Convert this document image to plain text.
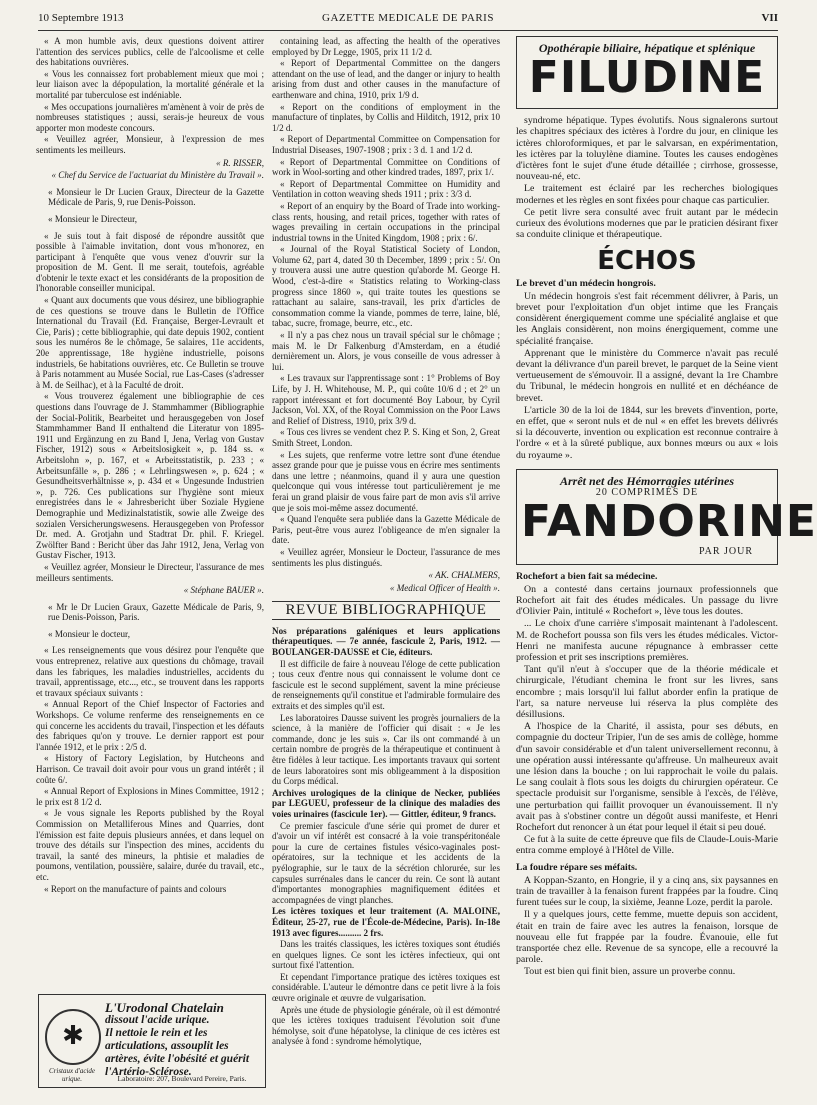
10 Septembre 1913	GAZETTE MEDICALE DE PARIS	VII

« A mon humble avis, deux questions doivent attirer l'attention des services publics, celle de l'alcoolisme et celle des habitations ouvrières.

« Vous les connaissez fort probablement mieux que moi ; leur liaison avec la dépopulation, la mortalité générale et la mortalité par tuberculose est indéniable.

« Mes occupations journalières m'amènent à voir de près de nombreuses statistiques ; aussi, serais-je heureux de vous apporter mon modeste concours.

« Veuillez agréer, Monsieur, à l'expression de mes sentiments les meilleurs.

« R. RISSER,

« Chef du Service de l'actuariat du Ministère du Travail ».

« Monsieur le Dr Lucien Graux, Directeur de la Gazette Médicale de Paris, 9, rue Denis-Poisson.

« Monsieur le Directeur,

« Je suis tout à fait disposé de répondre aussitôt que possible à l'aimable invitation, dont vous m'honorez, en participant à l'enquête que vous venez d'ouvrir sur la proposition de M. Gent. Il me serait, toutefois, agréable d'obtenir le texte exact et les considérants de la proposition de l'honorable conseiller municipal.

« Quant aux documents que vous désirez, une bibliographie de ces questions se trouve dans le Bulletin de l'Office International du Travail (Ed. Française, Berger-Levrault et Cie, Paris) ; cette bibliographie, qui date depuis 1902, contient sous les numéros 8e le chômage, 5e salaires, 11e accidents, 20e apprentissage, 18e hygiène industrielle, poisons industriels, 6e habitations ouvrières, etc. Ce Bulletin se trouve à Paris notamment au Musée Social, rue Las-Cases (s'adresser à M. de Seilhac), et à la Faculté de droit.

« Vous trouverez également une bibliographie de ces questions dans l'ouvrage de J. Stammhammer (Bibliographie der Social-Politik, Bearbeitet und herausgegeben von Josef Stammhammer Band II enthaltend die Literatur von 1895-1911 und Ergänzung en zu Band I, Jena, Verlag von Gustav Fischer, 1912) sous « Arbeitslosigkeit », p. 184 ss. « Arbeitslohn », p. 167, et « Arbeitsstatistik, p. 233 ; « Arbeitsunfälle », p. 286 ; « Lehrlingswesen », p. 624 ; « Gesundheitsverhältnisse », p. 434 et « Ungesunde Industrien », p. 726. Ces publications sur l'hygiène sont mieux enregistrées dans le « Jahresbericht über Soziale Hygiene Demographie und Medizinalstatistik, sowie alle Zweige des sozialen Versicherungswesens. Herausgegeben von Professor Dr. med. A. Grotjahn und Stadtrat Dr. phil. F. Kriegel. Zwölfter Band : Bericht über das Jahr 1912, Jena, Verlag von Gustav Fischer, 1913.

« Veuillez agréer, Monsieur le Directeur, l'assurance de mes meilleurs sentiments.

« Stéphane BAUER ».

« Mr le Dr Lucien Graux, Gazette Médicale de Paris, 9, rue Denis-Poisson, Paris.

« Monsieur le docteur,

« Les renseignements que vous désirez pour l'enquête que vous entreprenez, relative aux questions du chômage, travail dans les fabriques, les maladies industrielles, accidents du travail, apprentissage, etc..., etc., se trouvent dans les rapports et travaux spéciaux suivants :

« Annual Report of the Chief Inspector of Factories and Workshops. Ce volume renferme des renseignements en ce qui concerne les accidents du travail, l'inspection et les défauts des fabriques qu'on y trouve. Le dernier rapport est pour l'année 1912, et le prix : 2/5 d.

« History of Factory Legislation, by Hutcheons and Harrison. Ce travail doit avoir pour vous un grand intérêt ; il coûte 6/.

« Annual Report of Explosions in Mines Committee, 1912 ; le prix est 8 1/2 d.

« Je vous signale les Reports published by the Royal Commission on Metalliferous Mines and Quarries, dont l'émission est faite depuis plusieurs années, et dans lequel on trouve des détails sur l'inspection des mines, accidents du travail, la santé des mineurs, la phtisie et maladies de poumons, ventilation, poussière, salaire, durée du travail, etc., etc.

« Report on the manufacture of paints and colours

✱
Cristaux d'acide urique.
L'Urodonal Chatelain
dissout l'acide urique.
Il nettoie le rein et les articulations, assouplit les artères, évite l'obésité et guérit l'Artério-Sclérose.
Laboratoire: 207, Boulevard Pereire, Paris.

containing lead, as affecting the health of the operatives employed by Dr Legge, 1905, prix 11 1/2 d.

« Report of Departmental Committee on the dangers attendant on the use of lead, and the danger or injury to health arising from dust and other causes in the manufacture of earthenware and china, 1910, prix 1/9 d.

« Report on the conditions of employment in the manufacture of tinplates, by Collis and Hilditch, 1912, prix 10 1/2 d.

« Report of Departmental Committee on Compensation for Industrial Diseases, 1907-1908 ; prix : 3 d. 1 and 1/2 d.

« Report of Departmental Committee on Conditions of work in Wool-sorting and other kindred trades, 1897, prix 1/.

« Report of Departmental Committee on Humidity and Ventilation in cotton weaving sheds 1911 ; prix : 3/3 d.

« Report of an enquiry by the Board of Trade into working-class rents, housing, and retail prices, together with rates of wages prevailing in certain occupations in the principal industrial towns in the United Kingdom, 1908 ; prix : 6/.

« Journal of the Royal Statistical Society of London, Volume 62, part 4, dated 30 th December, 1899 ; prix : 5/. On y trouvera aussi une autre question qu'aborde M. George H. Wood, c'est-à-dire « Statistics relating to Working-class progress since 1860 », qui traite toutes les questions se rattachant au salaire, sans-travail, les prix d'articles de consommation comme la viande, pommes de terre, laine, blé, tabac, sucre, fromage, beurre, etc., etc.

« Il n'y a pas chez nous un travail spécial sur le chômage ; mais M. le Dr Falkenburg d'Amsterdam, en a étudié dernièrement un. Alors, je vous conseille de vous adresser à lui.

« Les travaux sur l'apprentissage sont : 1° Problems of Boy Life, by J. H. Whitehouse, M. P., qui coûte 10/6 d ; et 2° un rapport intéressant et fort documenté Boy Labour, by Cyril Jackson, Vol. XX, of the Royal Commission on the Poor Laws and Relief of Distress, 1910, prix 3/9 d.

« Tous ces livres se vendent chez P. S. King et Son, 2, Great Smith Street, London.

« Les sujets, que renferme votre lettre sont d'une étendue assez grande pour que je puisse vous en écrire mes sentiments dans une lettre ; néanmoins, quand il y aura une question quelconque qui vous intéresse tout particulièrement je me ferai un grand plaisir de vous faire part de mon avis s'il arrive que je sois moi-même assez documenté.

« Quand l'enquête sera publiée dans la Gazette Médicale de Paris, peut-être vous aurez l'obligeance de m'en signaler la date.

« Veuillez agréer, Monsieur le Docteur, l'assurance de mes sentiments les plus distingués.

« AK. CHALMERS,

« Medical Officer of Health ».

REVUE BIBLIOGRAPHIQUE

Nos préparations galéniques et leurs applications thérapeutiques. — 7e année, fascicule 2, Paris, 1912. — BOULANGER-DAUSSE et Cie, éditeurs.

Il est difficile de faire à nouveau l'éloge de cette publication ; tous ceux d'entre nous qui connaissent le volume dont ce fascicule est le second supplément, savent la mine précieuse de renseignements qu'il constitue et l'admirable formulaire des extraits et des simples qu'il est.

Les laboratoires Dausse suivent les progrès journaliers de la science, à la manière de l'officier qui disait : « Je les commande, donc je les suis ». Car ils ont commandé à un certain nombre de progrès de la thérapeutique et continuent à être fidèles à leur tactique. Les importants travaux qui sortent de leurs laboratoires sont mis obligeamment à la disposition du Corps médical.

Archives urologiques de la clinique de Necker, publiées par LEGUEU, professeur de la clinique des maladies des voies urinaires (fascicule 1er). — Gittler, éditeur, 9 francs.

Ce premier fascicule d'une série qui promet de durer et d'avoir un vif intérêt est consacré à la voie transpéritonéale pour la cure de certaines fistules vésico-vaginales post-opératoires, sur la technique et les accidents de la pyélographie, sur le taux de la sécrétion chlorurée, sur les capsules surrénales dans le cancer du rein. Ce sont là autant d'importantes monographies magnifiquement éditées et accompagnées de vingt planches.

Les ictères toxiques et leur traitement (A. MALOINE, Éditeur, 25-27, rue de l'École-de-Médecine, Paris). In-18e 1913 avec figures.......... 2 frs.

Dans les traités classiques, les ictères toxiques sont étudiés en quelques lignes. Ce sont les ictères infectieux, qui ont surtout fixé l'attention.

Et cependant l'importance pratique des ictères toxiques est considérable. L'auteur le démontre dans ce petit livre à la fois œuvre originale et œuvre de vulgarisation.

Après une étude de physiologie générale, où il est démontré que les ictères toxiques traduisent l'évolution soit d'une hémolyse, soit d'une hépatolyse, la clinique de ces ictères est analysée à fond : syndrome hémolytique,

Opothérapie biliaire, hépatique et splénique
FILUDINE

syndrome hépatique. Types évolutifs. Nous signalerons surtout les chapitres spéciaux des ictères à l'ordre du jour, en clinique les ictères chloroformiques, et par le salvarsan, en expérimentation, les ictères par la toluylène diamine. Toutes les causes endogènes d'ictères font le sujet d'une étude détaillée ; cirrhose, grossesse, nouveau-né, etc.

Le traitement est éclairé par les recherches biologiques modernes et les règles en sont fixées pour chaque cas particulier.

Ce petit livre sera consulté avec fruit autant par le médecin curieux des évolutions modernes que par le praticien désirant fixer sa conduite clinique et thérapeutique.

ÉCHOS

Le brevet d'un médecin hongrois.

Un médecin hongrois s'est fait récemment délivrer, à Paris, un brevet pour l'exploitation d'un objet intime que les Français considèrent énergiquement comme une spécialité anglaise et que les Anglais considèrent, non moins énergiquement, comme une spécialité française.

Apprenant que le ministère du Commerce n'avait pas reculé devant la délivrance d'un pareil brevet, le parquet de la Seine vient vertueusement de s'émouvoir. Il a assigné, devant la 1re Chambre du Tribunal, le médecin hongrois en nullité et en déchéance de brevet.

L'article 30 de la loi de 1844, sur les brevets d'invention, porte, en effet, que « seront nuls et de nul « en effet les brevets délivrés si la découverte, invention ou explication est reconnue contraire à l'ordre « et à la sûreté publique, aux bonnes mœurs ou aux « lois du royaume ».

Arrêt net des Hémorragies utérines
20 COMPRIMÉS DE
FANDORINE
PAR JOUR

Rochefort a bien fait sa médecine.

On a contesté dans certains journaux professionnels que Rochefort ait fait des études médicales. Un passage du livre d'Olivier Pain, intitulé « Rochefort », lève tous les doutes.

... Le choix d'une carrière s'imposait maintenant à l'adolescent. M. de Rochefort poussa son fils vers les études médicales. Victor-Henri ne manifesta aucune répugnance à embrasser cette profession et prit ses inscriptions premières.

Tant qu'il n'eut à s'occuper que de la théorie médicale et chirurgicale, l'étudiant chemina le front sur les livres, sans encombre ; mais lorsqu'il lui fallut aborder enfin la pratique de l'art, sa nature nerveuse lui réserva la plus complète des désillusions.

A l'hospice de la Charité, il assista, pour ses débuts, en compagnie du docteur Tripier, l'un de ses amis de collège, homme d'un savoir considérable et d'un talent universellement reconnu, à une opération aussi intéressante qu'affreuse. Un malheureux avait une lésion dans la bouche ; on lui rapprochait le voile du palais. Le sang coulait à flots sous les doigts du chirurgien opérateur. Ce spectacle produisit sur l'organisme, sensible à l'excès, de l'élève, une perturbation qui faillit provoquer un évanouissement. Il n'y avait pas à s'obstiner contre un dégoût aussi manifeste, et Henri Rochefort dut renoncer à un état pour lequel il était si peu doué.

Ce fut à la suite de cette épreuve que fils de Claude-Louis-Marie entra comme employé à l'Hôtel de Ville.

La foudre répare ses méfaits.

A Koppan-Szanto, en Hongrie, il y a cinq ans, six paysannes en train de travailler à la fenaison furent frappées par la foudre. Cinq furent tuées sur le coup, la sixième, Jeanne Loze, perdit la parole.

Il y a quelques jours, cette femme, muette depuis son accident, était en train de faire avec les autres la fenaison, lorsque de nouveau elle fut frappée par la foudre. Évanouie, elle fut transportée chez elle. Revenue de sa syncope, elle a recouvré la parole.

Tout est bien qui finit bien, assure un proverbe connu.
